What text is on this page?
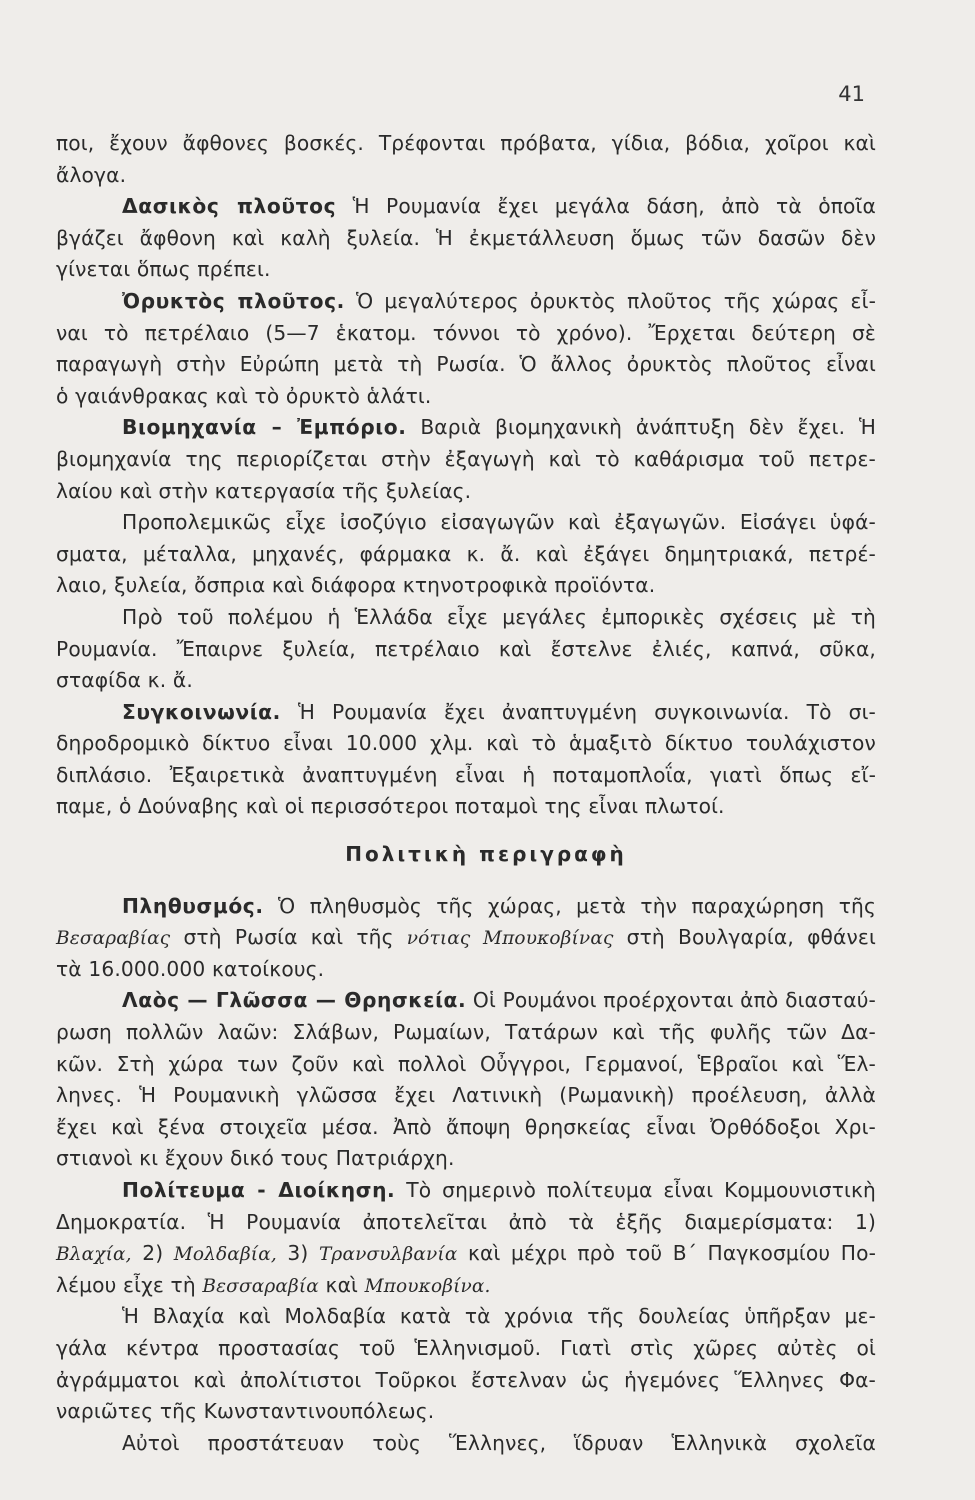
41
ποι, ἔχουν ἄφθονες βοσκές. Τρέφονται πρόβατα, γίδια, βόδια, χοῖροι καὶ
ἄλογα.
Δασικὸς πλοῦτος Ἡ Ρουμανία ἔχει μεγάλα δάση, ἀπὸ τὰ ὁποῖα
βγάζει ἄφθονη καὶ καλὴ ξυλεία. Ἡ ἐκμετάλλευση ὅμως τῶν δασῶν δὲν
γίνεται ὅπως πρέπει.
Ὀρυκτὸς πλοῦτος. Ὁ μεγαλύτερος ὀρυκτὸς πλοῦτος τῆς χώρας εἶ-
ναι τὸ πετρέλαιο (5—7 ἑκατομ. τόννοι τὸ χρόνο). Ἔρχεται δεύτερη σὲ
παραγωγὴ στὴν Εὐρώπη μετὰ τὴ Ρωσία. Ὁ ἄλλος ὀρυκτὸς πλοῦτος εἶναι
ὁ γαιάνθρακας καὶ τὸ ὀρυκτὸ ἁλάτι.
Βιομηχανία – Ἐμπόριο. Βαριὰ βιομηχανικὴ ἀνάπτυξη δὲν ἔχει. Ἡ
βιομηχανία της περιορίζεται στὴν ἐξαγωγὴ καὶ τὸ καθάρισμα τοῦ πετρε-
λαίου καὶ στὴν κατεργασία τῆς ξυλείας.
Προπολεμικῶς εἶχε ἰσοζύγιο εἰσαγωγῶν καὶ ἐξαγωγῶν. Εἰσάγει ὑφά-
σματα, μέταλλα, μηχανές, φάρμακα κ. ἄ. καὶ ἐξάγει δημητριακά, πετρέ-
λαιο, ξυλεία, ὄσπρια καὶ διάφορα κτηνοτροφικὰ προϊόντα.
Πρὸ τοῦ πολέμου ἡ Ἑλλάδα εἶχε μεγάλες ἐμπορικὲς σχέσεις μὲ τὴ
Ρουμανία. Ἔπαιρνε ξυλεία, πετρέλαιο καὶ ἔστελνε ἐλιές, καπνά, σῦκα,
σταφίδα κ. ἄ.
Συγκοινωνία. Ἡ Ρουμανία ἔχει ἀναπτυγμένη συγκοινωνία. Τὸ σι-
δηροδρομικὸ δίκτυο εἶναι 10.000 χλμ. καὶ τὸ ἁμαξιτὸ δίκτυο τουλάχιστον
διπλάσιο. Ἐξαιρετικὰ ἀναπτυγμένη εἶναι ἡ ποταμοπλοΐα, γιατὶ ὅπως εἴ-
παμε, ὁ Δούναβης καὶ οἱ περισσότεροι ποταμοὶ της εἶναι πλωτοί.
Πολιτικὴ περιγραφὴ
Πληθυσμός. Ὁ πληθυσμὸς τῆς χώρας, μετὰ τὴν παραχώρηση τῆς
Βεσαραβίας στὴ Ρωσία καὶ τῆς νότιας Μπουκοβίνας στὴ Βουλγαρία, φθάνει
τὰ 16.000.000 κατοίκους.
Λαὸς — Γλῶσσα — Θρησκεία. Οἱ Ρουμάνοι προέρχονται ἀπὸ διασταύ-
ρωση πολλῶν λαῶν: Σλάβων, Ρωμαίων, Τατάρων καὶ τῆς φυλῆς τῶν Δα-
κῶν. Στὴ χώρα των ζοῦν καὶ πολλοὶ Οὖγγροι, Γερμανοί, Ἑβραῖοι καὶ Ἕλ-
ληνες. Ἡ Ρουμανικὴ γλῶσσα ἔχει Λατινικὴ (Ρωμανικὴ) προέλευση, ἀλλὰ
ἔχει καὶ ξένα στοιχεῖα μέσα. Ἀπὸ ἄποψη θρησκείας εἶναι Ὀρθόδοξοι Χρι-
στιανοὶ κι ἔχουν δικό τους Πατριάρχη.
Πολίτευμα - Διοίκηση. Τὸ σημερινὸ πολίτευμα εἶναι Κομμουνιστικὴ
Δημοκρατία. Ἡ Ρουμανία ἀποτελεῖται ἀπὸ τὰ ἑξῆς διαμερίσματα: 1)
Βλαχία, 2) Μολδαβία, 3) Τρανσυλβανία καὶ μέχρι πρὸ τοῦ Β΄ Παγκοσμίου Πο-
λέμου εἶχε τὴ Βεσσαραβία καὶ Μπουκοβίνα.
Ἡ Βλαχία καὶ Μολδαβία κατὰ τὰ χρόνια τῆς δουλείας ὑπῆρξαν με-
γάλα κέντρα προστασίας τοῦ Ἑλληνισμοῦ. Γιατὶ στὶς χῶρες αὐτὲς οἱ
ἀγράμματοι καὶ ἀπολίτιστοι Τοῦρκοι ἔστελναν ὡς ἡγεμόνες Ἕλληνες Φα-
ναριῶτες τῆς Κωνσταντινουπόλεως.
Αὐτοὶ προστάτευαν τοὺς Ἕλληνες, ἵδρυαν Ἑλληνικὰ σχολεῖα
